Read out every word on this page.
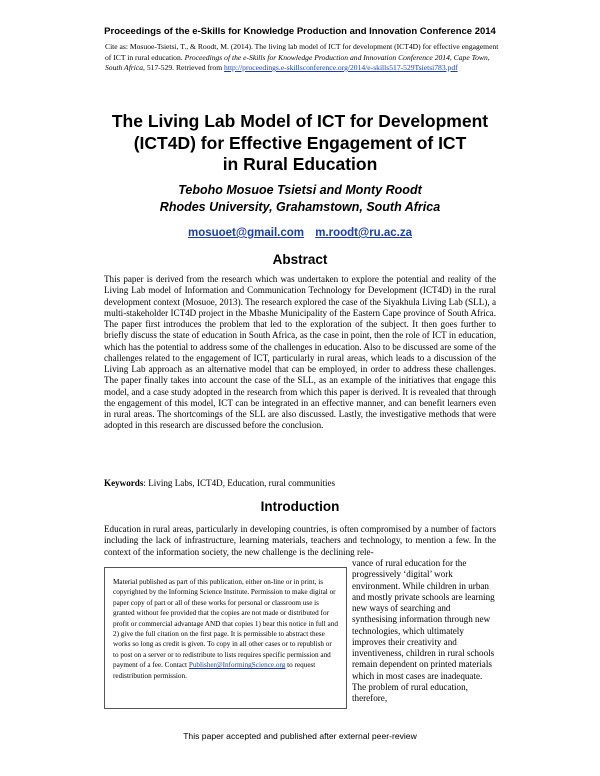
Proceedings of the e-Skills for Knowledge Production and Innovation Conference 2014
Cite as: Mosuoe-Tsietsi, T., & Roodt, M. (2014). The living lab model of ICT for development (ICT4D) for effective engagement of ICT in rural education. Proceedings of the e-Skills for Knowledge Production and Innovation Conference 2014, Cape Town, South Africa, 517-529. Retrieved from http://proceedings.e-skillsconference.org/2014/e-skills517-529Tsietsi783.pdf
The Living Lab Model of ICT for Development
(ICT4D) for Effective Engagement of ICT
in Rural Education
Teboho Mosuoe Tsietsi and Monty Roodt
Rhodes University, Grahamstown, South Africa
mosuoet@gmail.com m.roodt@ru.ac.za
Abstract

This paper is derived from the research which was undertaken to explore the potential and reality of the Living Lab model of Information and Communication Technology for Development (ICT4D) in the rural development context (Mosuoe, 2013). The research explored the case of the Siyakhula Living Lab (SLL), a multi-stakeholder ICT4D project in the Mbashe Municipality of the Eastern Cape province of South Africa. The paper first introduces the problem that led to the exploration of the subject. It then goes further to briefly discuss the state of education in South Africa, as the case in point, then the role of ICT in education, which has the potential to address some of the challenges in education. Also to be discussed are some of the challenges related to the engagement of ICT, particularly in rural areas, which leads to a discussion of the Living Lab approach as an alternative model that can be employed, in order to address these challenges. The paper finally takes into account the case of the SLL, as an example of the initiatives that engage this model, and a case study adopted in the research from which this paper is derived. It is revealed that through the engagement of this model, ICT can be integrated in an effective manner, and can benefit learners even in rural areas. The shortcomings of the SLL are also discussed. Lastly, the investigative methods that were adopted in this research are discussed before the conclusion.

Keywords: Living Labs, ICT4D, Education, rural communities
Introduction

Education in rural areas, particularly in developing countries, is often compromised by a number of factors including the lack of infrastructure, learning materials, teachers and technology, to mention a few. In the context of the information society, the new challenge is the declining rele-

vance of rural education for the progressively ‘digital’ work environment. While children in urban and mostly private schools are learning new ways of searching and synthesising information through new technologies, which ultimately improves their creativity and inventiveness, children in rural schools remain dependent on printed materials which in most cases are inadequate. The problem of rural education, therefore,

Material published as part of this publication, either on-line or in print, is copyrighted by the Informing Science Institute. Permission to make digital or paper copy of part or all of these works for personal or classroom use is granted without fee provided that the copies are not made or distributed for profit or commercial advantage AND that copies 1) bear this notice in full and 2) give the full citation on the first page. It is permissible to abstract these works so long as credit is given. To copy in all other cases or to republish or to post on a server or to redistribute to lists requires specific permission and payment of a fee. Contact Publisher@InformingScience.org to request redistribution permission.
This paper accepted and published after external peer-review
